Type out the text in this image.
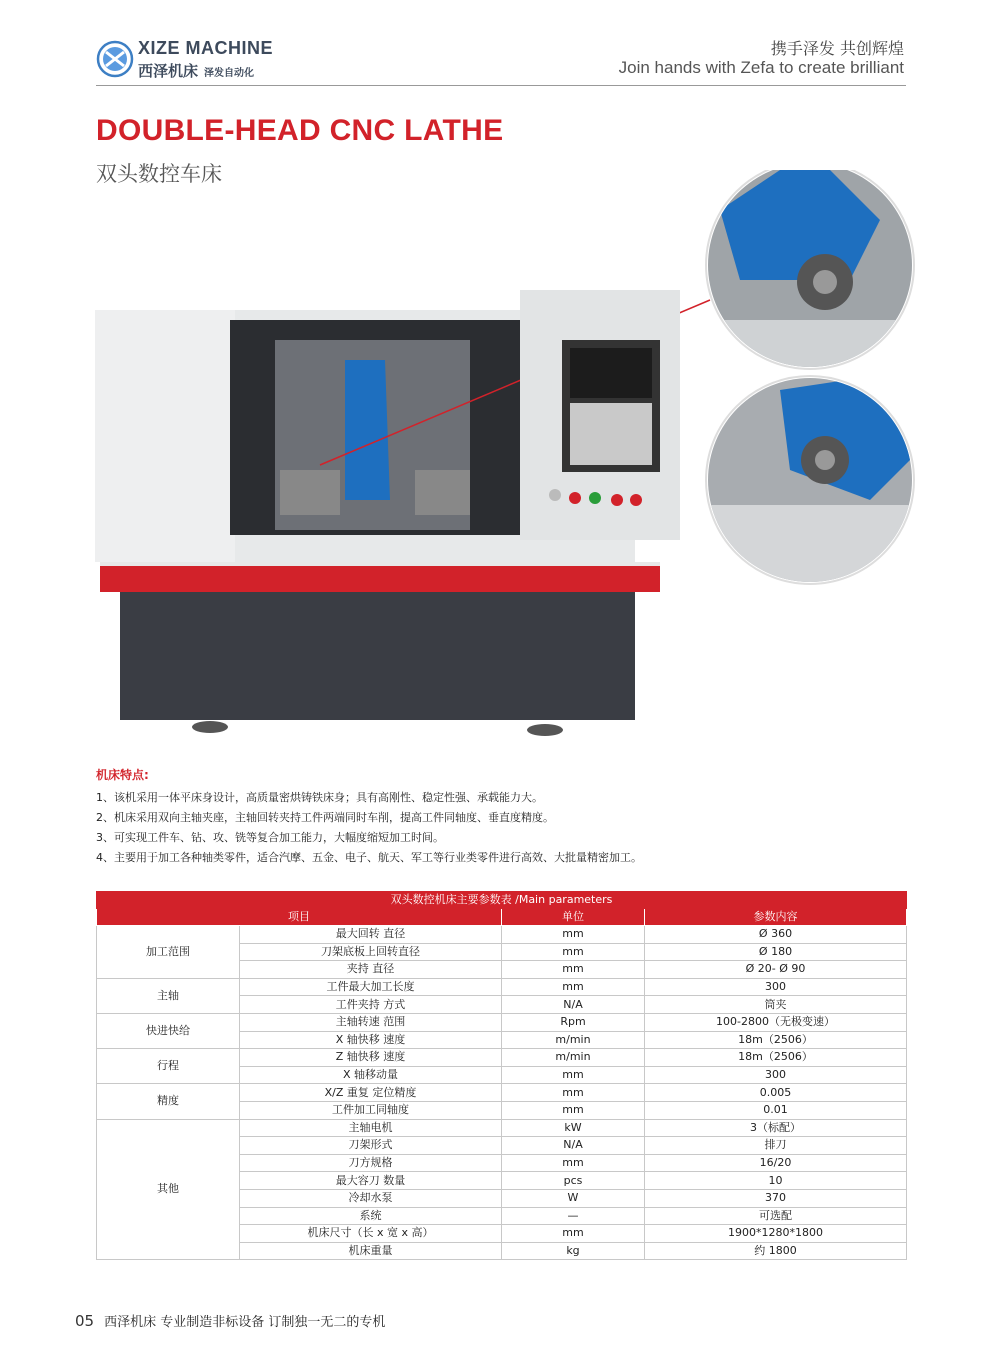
XIZE MACHINE
西泽机床 泽发自动化
携手泽发 共创辉煌
Join hands with Zefa to create brilliant
DOUBLE-HEAD CNC LATHE
双头数控车床
机床特点:
1、该机采用一体平床身设计，高质量密烘铸铁床身；具有高刚性、稳定性强、承载能力大。
2、机床采用双向主轴夹座，主轴回转夹持工件两端同时车削，提高工件同轴度、垂直度精度。
3、可实现工件车、钻、攻、铣等复合加工能力，大幅度缩短加工时间。
4、主要用于加工各种轴类零件，适合汽摩、五金、电子、航天、军工等行业类零件进行高效、大批量精密加工。
双头数控机床主要参数表 /Main parameters			
项目		单位	参数内容
加工范围	最大回转 直径	mm	Ø 360
	刀架底板上回转直径	mm	Ø 180
	夹持 直径	mm	Ø 20- Ø 90
主轴	工件最大加工长度	mm	300
	工件夹持 方式	N/A	筒夹
快进快给	主轴转速 范围	Rpm	100-2800（无极变速）
	X 轴快移 速度	m/min	18m（2506）
行程	Z 轴快移 速度	m/min	18m（2506）
	X 轴移动量	mm	300
精度	X/Z 重复 定位精度	mm	0.005
	工件加工同轴度	mm	0.01
其他	主轴电机	kW	3（标配）
	刀架形式	N/A	排刀
	刀方规格	mm	16/20
	最大容刀 数量	pcs	10
	冷却水泵	W	370
	系统	—	可选配
	机床尺寸（长 x 宽 x 高）	mm	1900*1280*1800
	机床重量	kg	约 1800
05 西泽机床 专业制造非标设备 订制独一无二的专机
